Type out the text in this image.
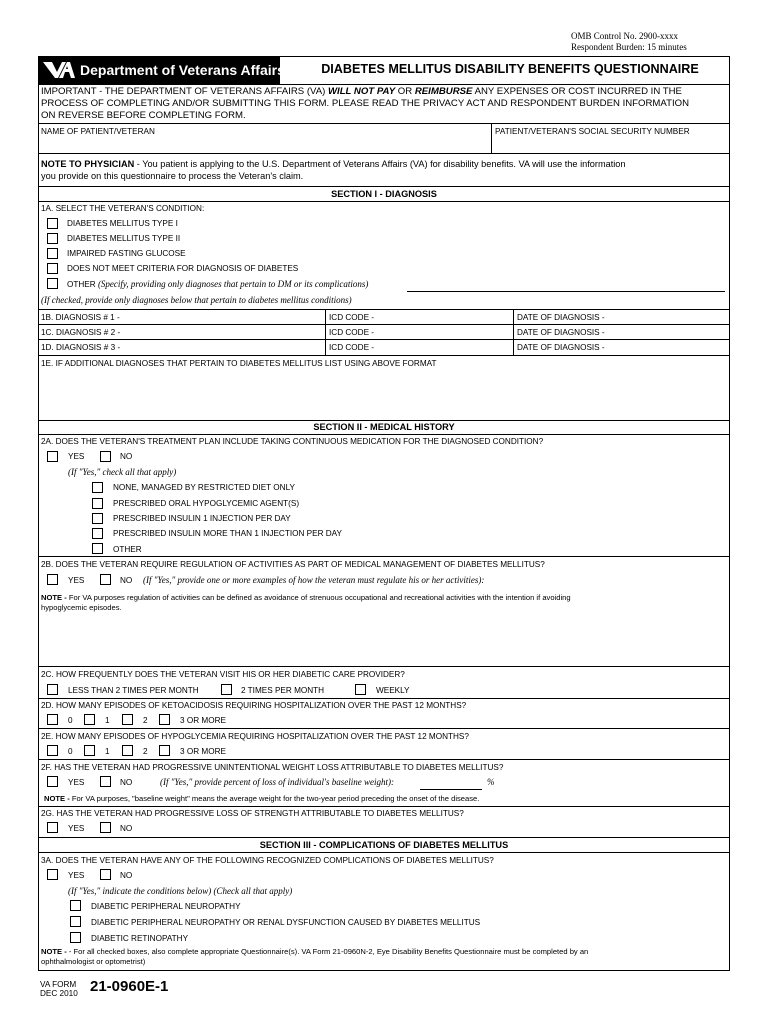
OMB Control No. 2900-xxxx
Respondent Burden: 15 minutes
Department of Veterans Affairs	DIABETES MELLITUS DISABILITY BENEFITS QUESTIONNAIRE
IMPORTANT - THE DEPARTMENT OF VETERANS AFFAIRS (VA) WILL NOT PAY OR REIMBURSE ANY EXPENSES OR COST INCURRED IN THE
PROCESS OF COMPLETING AND/OR SUBMITTING THIS FORM. PLEASE READ THE PRIVACY ACT AND RESPONDENT BURDEN INFORMATION
ON REVERSE BEFORE COMPLETING FORM.
NAME OF PATIENT/VETERAN	PATIENT/VETERAN'S SOCIAL SECURITY NUMBER
NOTE TO PHYSICIAN - You patient is applying to the U.S. Department of Veterans Affairs (VA) for disability benefits. VA will use the information
you provide on this questionnaire to process the Veteran's claim.
SECTION I - DIAGNOSIS
1A. SELECT THE VETERAN'S CONDITION:
DIABETES MELLITUS TYPE I
DIABETES MELLITUS TYPE II
IMPAIRED FASTING GLUCOSE
DOES NOT MEET CRITERIA FOR DIAGNOSIS OF DIABETES
OTHER (Specify, providing only diagnoses that pertain to DM or its complications)
(If checked, provide only diagnoses below that pertain to diabetes mellitus conditions)
1B. DIAGNOSIS # 1 -	ICD CODE -	DATE OF DIAGNOSIS -
1C. DIAGNOSIS # 2 -	ICD CODE -	DATE OF DIAGNOSIS -
1D. DIAGNOSIS # 3 -	ICD CODE -	DATE OF DIAGNOSIS -
1E. IF ADDITIONAL DIAGNOSES THAT PERTAIN TO DIABETES MELLITUS LIST USING ABOVE FORMAT
SECTION II - MEDICAL HISTORY
2A. DOES THE VETERAN'S TREATMENT PLAN INCLUDE TAKING CONTINUOUS MEDICATION FOR THE DIAGNOSED CONDITION?
YES	NO
(If "Yes," check all that apply)
NONE, MANAGED BY RESTRICTED DIET ONLY
PRESCRIBED ORAL HYPOGLYCEMIC AGENT(S)
PRESCRIBED INSULIN 1 INJECTION PER DAY
PRESCRIBED INSULIN MORE THAN 1 INJECTION PER DAY
OTHER
2B. DOES THE VETERAN REQUIRE REGULATION OF ACTIVITIES AS PART OF MEDICAL MANAGEMENT OF DIABETES MELLITUS?
YES	NO (If "Yes," provide one or more examples of how the veteran must regulate his or her activities):
NOTE - For VA purposes regulation of activities can be defined as avoidance of strenuous occupational and recreational activities with the intention if avoiding
hypoglycemic episodes.
2C. HOW FREQUENTLY DOES THE VETERAN VISIT HIS OR HER DIABETIC CARE PROVIDER?
LESS THAN 2 TIMES PER MONTH	2 TIMES PER MONTH	WEEKLY
2D. HOW MANY EPISODES OF KETOACIDOSIS REQUIRING HOSPITALIZATION OVER THE PAST 12 MONTHS?
0	1	2	3 OR MORE
2E. HOW MANY EPISODES OF HYPOGLYCEMIA REQUIRING HOSPITALIZATION OVER THE PAST 12 MONTHS?
0	1	2	3 OR MORE
2F. HAS THE VETERAN HAD PROGRESSIVE UNINTENTIONAL WEIGHT LOSS ATTRIBUTABLE TO DIABETES MELLITUS?
YES	NO	(If "Yes," provide percent of loss of individual's baseline weight):	%
NOTE - For VA purposes, "baseline weight" means the average weight for the two-year period preceding the onset of the disease.
2G. HAS THE VETERAN HAD PROGRESSIVE LOSS OF STRENGTH ATTRIBUTABLE TO DIABETES MELLITUS?
YES	NO
SECTION III - COMPLICATIONS OF DIABETES MELLITUS
3A. DOES THE VETERAN HAVE ANY OF THE FOLLOWING RECOGNIZED COMPLICATIONS OF DIABETES MELLITUS?
YES	NO
(If "Yes," indicate the conditions below) (Check all that apply)
DIABETIC PERIPHERAL NEUROPATHY
DIABETIC PERIPHERAL NEUROPATHY OR RENAL DYSFUNCTION CAUSED BY DIABETES MELLITUS
DIABETIC RETINOPATHY
NOTE - - For all checked boxes, also complete appropriate Questionnaire(s). VA Form 21-0960N-2, Eye Disability Benefits Questionnaire must be completed by an
ophthalmologist or optometrist)
VA FORM
DEC 2010 21-0960E-1
